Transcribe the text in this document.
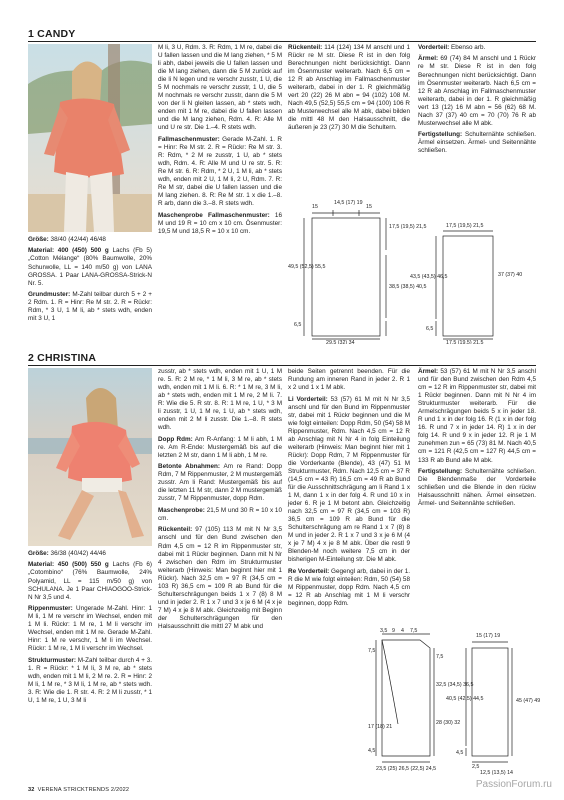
1 CANDY

Größe: 38/40 (42/44) 46/48

Material: 400 (450) 500 g Lachs (Fb 5) „Cotton Mélange“ (80% Baumwolle, 20% Schurwolle, LL = 140 m/50 g) von LANA GROSSA. 1 Paar LANA-GROSSA-Strick-N Nr. 5.

Grundmuster: M-Zahl teilbar durch 5 + 2 + 2 Rdm. 1. R = Hinr: Re M str. 2. R = Rückr: Rdm, * 3 U, 1 M li, ab * stets wdh, enden mit 3 U, 1

M li, 3 U, Rdm. 3. R: Rdm, 1 M re, dabei die U fallen lassen und die M lang ziehen, * 5 M li abh, dabei jeweils die U fallen lassen und die M lang ziehen, dann die 5 M zurück auf die li N legen und re verschr zusstr, 1 U, die 5 M nochmals re verschr zusstr, 1 U, die 5 M nochmals re verschr zusstr, dann die 5 M von der li N gleiten lassen, ab * stets wdh, enden mit 1 M re, dabei die U fallen lassen und die M lang ziehen, Rdm. 4. R: Alle M und U re str. Die 1.–4. R stets wdh.

Fallmaschenmuster: Gerade M-Zahl. 1. R = Hinr: Re M str. 2. R = Rückr: Re M str. 3. R: Rdm, * 2 M re zusstr, 1 U, ab * stets wdh, Rdm. 4. R: Alle M und U re str. 5. R: Re M str. 6. R: Rdm, * 2 U, 1 M li, ab * stets wdh, enden mit 2 U, 1 M li, 2 U, Rdm. 7. R: Re M str, dabei die U fallen lassen und die M lang ziehen. 8. R: Re M str. 1 x die 1.–8. R arb, dann die 3.–8. R stets wdh.

Maschenprobe Fallmaschenmuster: 16 M und 19 R = 10 cm x 10 cm. Ösenmuster: 19,5 M und 18,5 R = 10 x 10 cm.

Rückenteil: 114 (124) 134 M anschl und 1 Rückr re M str. Diese R ist in den folg Berechnungen nicht berücksichtigt. Dann im Ösenmuster weiterarb. Nach 6,5 cm = 12 R ab Anschlag im Fallmaschenmuster weiterarb, dabei in der 1. R gleichmäßig vert 20 (22) 26 M abn = 94 (102) 108 M. Nach 49,5 (52,5) 55,5 cm = 94 (100) 106 R ab Musterwechsel alle M abk, dabei bilden die mittl 48 M den Halsausschnitt, die äußeren je 23 (27) 30 M die Schultern.

Vorderteil: Ebenso arb.

Ärmel: 69 (74) 84 M anschl und 1 Rückr re M str. Diese R ist in den folg Berechnungen nicht berücksichtigt. Dann im Ösenmuster weiterarb. Nach 6,5 cm = 12 R ab Anschlag im Fallmaschenmuster weiterarb, dabei in der 1. R gleichmäßig vert 13 (12) 16 M abn = 56 (62) 68 M. Nach 37 (37) 40 cm = 70 (70) 76 R ab Musterwechsel alle M abk.

Fertigstellung: Schulternähte schließen. Ärmel einsetzen. Ärmel- und Seitennähte schließen.

15
14,5 (17) 19
15
17,5 (19,5) 21,5
49,5 (52,5) 55,5
38,5 (38,5) 40,5
6,5
29,5 (32) 34
17,5 (19,5) 21,5
43,5 (43,5) 46,5	37 (37) 40
6,5
17,5 (19,5) 21,5
2 CHRISTINA

Größe: 36/38 (40/42) 44/46

Material: 450 (500) 550 g Lachs (Fb 6) „Cotombino“ (76% Baumwolle, 24% Polyamid, LL = 115 m/50 g) von SCHULANA. Je 1 Paar CHIAOGOO-Strick-N Nr 3,5 und 4.

Rippenmuster: Ungerade M-Zahl. Hinr: 1 M li, 1 M re verschr im Wechsel, enden mit 1 M li. Rückr: 1 M re, 1 M li verschr im Wechsel, enden mit 1 M re. Gerade M-Zahl. Hinr: 1 M re verschr, 1 M li im Wechsel. Rückr: 1 M re, 1 M li verschr im Wechsel.

Strukturmuster: M-Zahl teilbar durch 4 + 3. 1. R = Rückr: * 1 M li, 3 M re, ab * stets wdh, enden mit 1 M li, 2 M re. 2. R = Hinr: 2 M li, 1 M re, * 3 M li, 1 M re, ab * stets wdh. 3. R: Wie die 1. R str. 4. R: 2 M li zusstr, * 1 U, 1 M re, 1 U, 3 M li

zusstr, ab * stets wdh, enden mit 1 U, 1 M re. 5. R: 2 M re, * 1 M li, 3 M re, ab * stets wdh, enden mit 1 M li. 6. R: * 1 M re, 3 M li, ab * stets wdh, enden mit 1 M re, 2 M li. 7. R: Wie die 5. R str. 8. R: 1 M re, 1 U, * 3 M li zusstr, 1 U, 1 M re, 1 U, ab * stets wdh, enden mit 2 M li zusstr. Die 1.–8. R stets wdh.

Dopp Rdm: Am R-Anfang: 1 M li abh, 1 M re. Am R-Ende: Mustergemäß bis auf die letzten 2 M str, dann 1 M li abh, 1 M re.

Betonte Abnahmen: Am re Rand: Dopp Rdm, 7 M Rippenmuster, 2 M mustergemäß zusstr. Am li Rand: Mustergemäß bis auf die letzten 11 M str, dann 2 M mustergemäß zusstr, 7 M Rippenmuster, dopp Rdm.

Maschenprobe: 21,5 M und 30 R = 10 x 10 cm.

Rückenteil: 97 (105) 113 M mit N Nr 3,5 anschl und für den Bund zwischen den Rdm 4,5 cm = 12 R im Rippenmuster str, dabei mit 1 Rückr beginnen. Dann mit N Nr 4 zwischen den Rdm im Strukturmuster weiterarb (Hinweis: Man beginnt hier mit 1 Rückr). Nach 32,5 cm = 97 R (34,5 cm = 103 R) 36,5 cm = 109 R ab Bund für die Schulterschrägungen beids 1 x 7 (8) 8 M und in jeder 2. R 1 x 7 und 3 x je 6 M (4 x je 7 M) 4 x je 8 M abk. Gleichzeitig mit Beginn der Schulterschrägungen für den Halsausschnitt die mittl 27 M abk und

beide Seiten getrennt beenden. Für die Rundung am inneren Rand in jeder 2. R 1 x 2 und 1 x 1 M abk.

Li Vorderteil: 53 (57) 61 M mit N Nr 3,5 anschl und für den Bund im Rippenmuster str, dabei mit 1 Rückr beginnen und die M wie folgt einteilen: Dopp Rdm, 50 (54) 58 M Rippenmuster, Rdm. Nach 4,5 cm = 12 R ab Anschlag mit N Nr 4 in folg Einteilung weiterarb (Hinweis: Man beginnt hier mit 1 Rückr): Dopp Rdm, 7 M Rippenmuster für die Vorderkante (Blende), 43 (47) 51 M Strukturmuster, Rdm. Nach 12,5 cm = 37 R (14,5 cm = 43 R) 16,5 cm = 49 R ab Bund für die Ausschnittschrägung am li Rand 1 x 1 M, dann 1 x in der folg 4. R und 10 x in jeder 6. R je 1 M betont abn. Gleichzeitig nach 32,5 cm = 97 R (34,5 cm = 103 R) 36,5 cm = 109 R ab Bund für die Schulterschrägung am re Rand 1 x 7 (8) 8 M und in jeder 2. R 1 x 7 und 3 x je 6 M (4 x je 7 M) 4 x je 8 M abk. Über die restl 9 Blenden-M noch weitere 7,5 cm in der bisherigen M-Einteilung str. Die M abk.

Re Vorderteil: Gegengl arb, dabei in der 1. R die M wie folgt einteilen: Rdm, 50 (54) 58 M Rippenmuster, dopp Rdm. Nach 4,5 cm = 12 R ab Anschlag mit 1 M li verschr beginnen, dopp Rdm.

Ärmel: 53 (57) 61 M mit N Nr 3,5 anschl und für den Bund zwischen den Rdm 4,5 cm = 12 R im Rippenmuster str, dabei mit 1 Rückr beginnen. Dann mit N Nr 4 im Strukturmuster weiterarb. Für die Armelschrägungen beids 5 x in jeder 18. R und 1 x in der folg 16. R (1 x in der folg 16. R und 7 x in jeder 14. R) 1 x in der folg 14. R und 9 x in jeder 12. R je 1 M zunehmen zun = 65 (73) 81 M. Nach 40,5 cm = 121 R (42,5 cm = 127 R) 44,5 cm = 133 R ab Bund alle M abk.

Fertigstellung: Schulternähte schließen. Die Blendenmaße der Vorderteile schließen und die Blende in den rückw Halsausschnitt nähen. Ärmel einsetzen. Ärmel- und Seitennähte schließen.

3,5 9 4 7,5
15 (17) 19
7,5
7,5
32,5 (34,5) 36,5
28 (30) 32
17 (18) 21
4,5
23,5 (25) 26,5 (22,5) 24,5
40,5 (42,5) 44,5	45 (47) 49
4,5
2,5
12,5 (13,5) 14
32 VERENA STRICKTRENDS 2/2022	PassionForum.ru
